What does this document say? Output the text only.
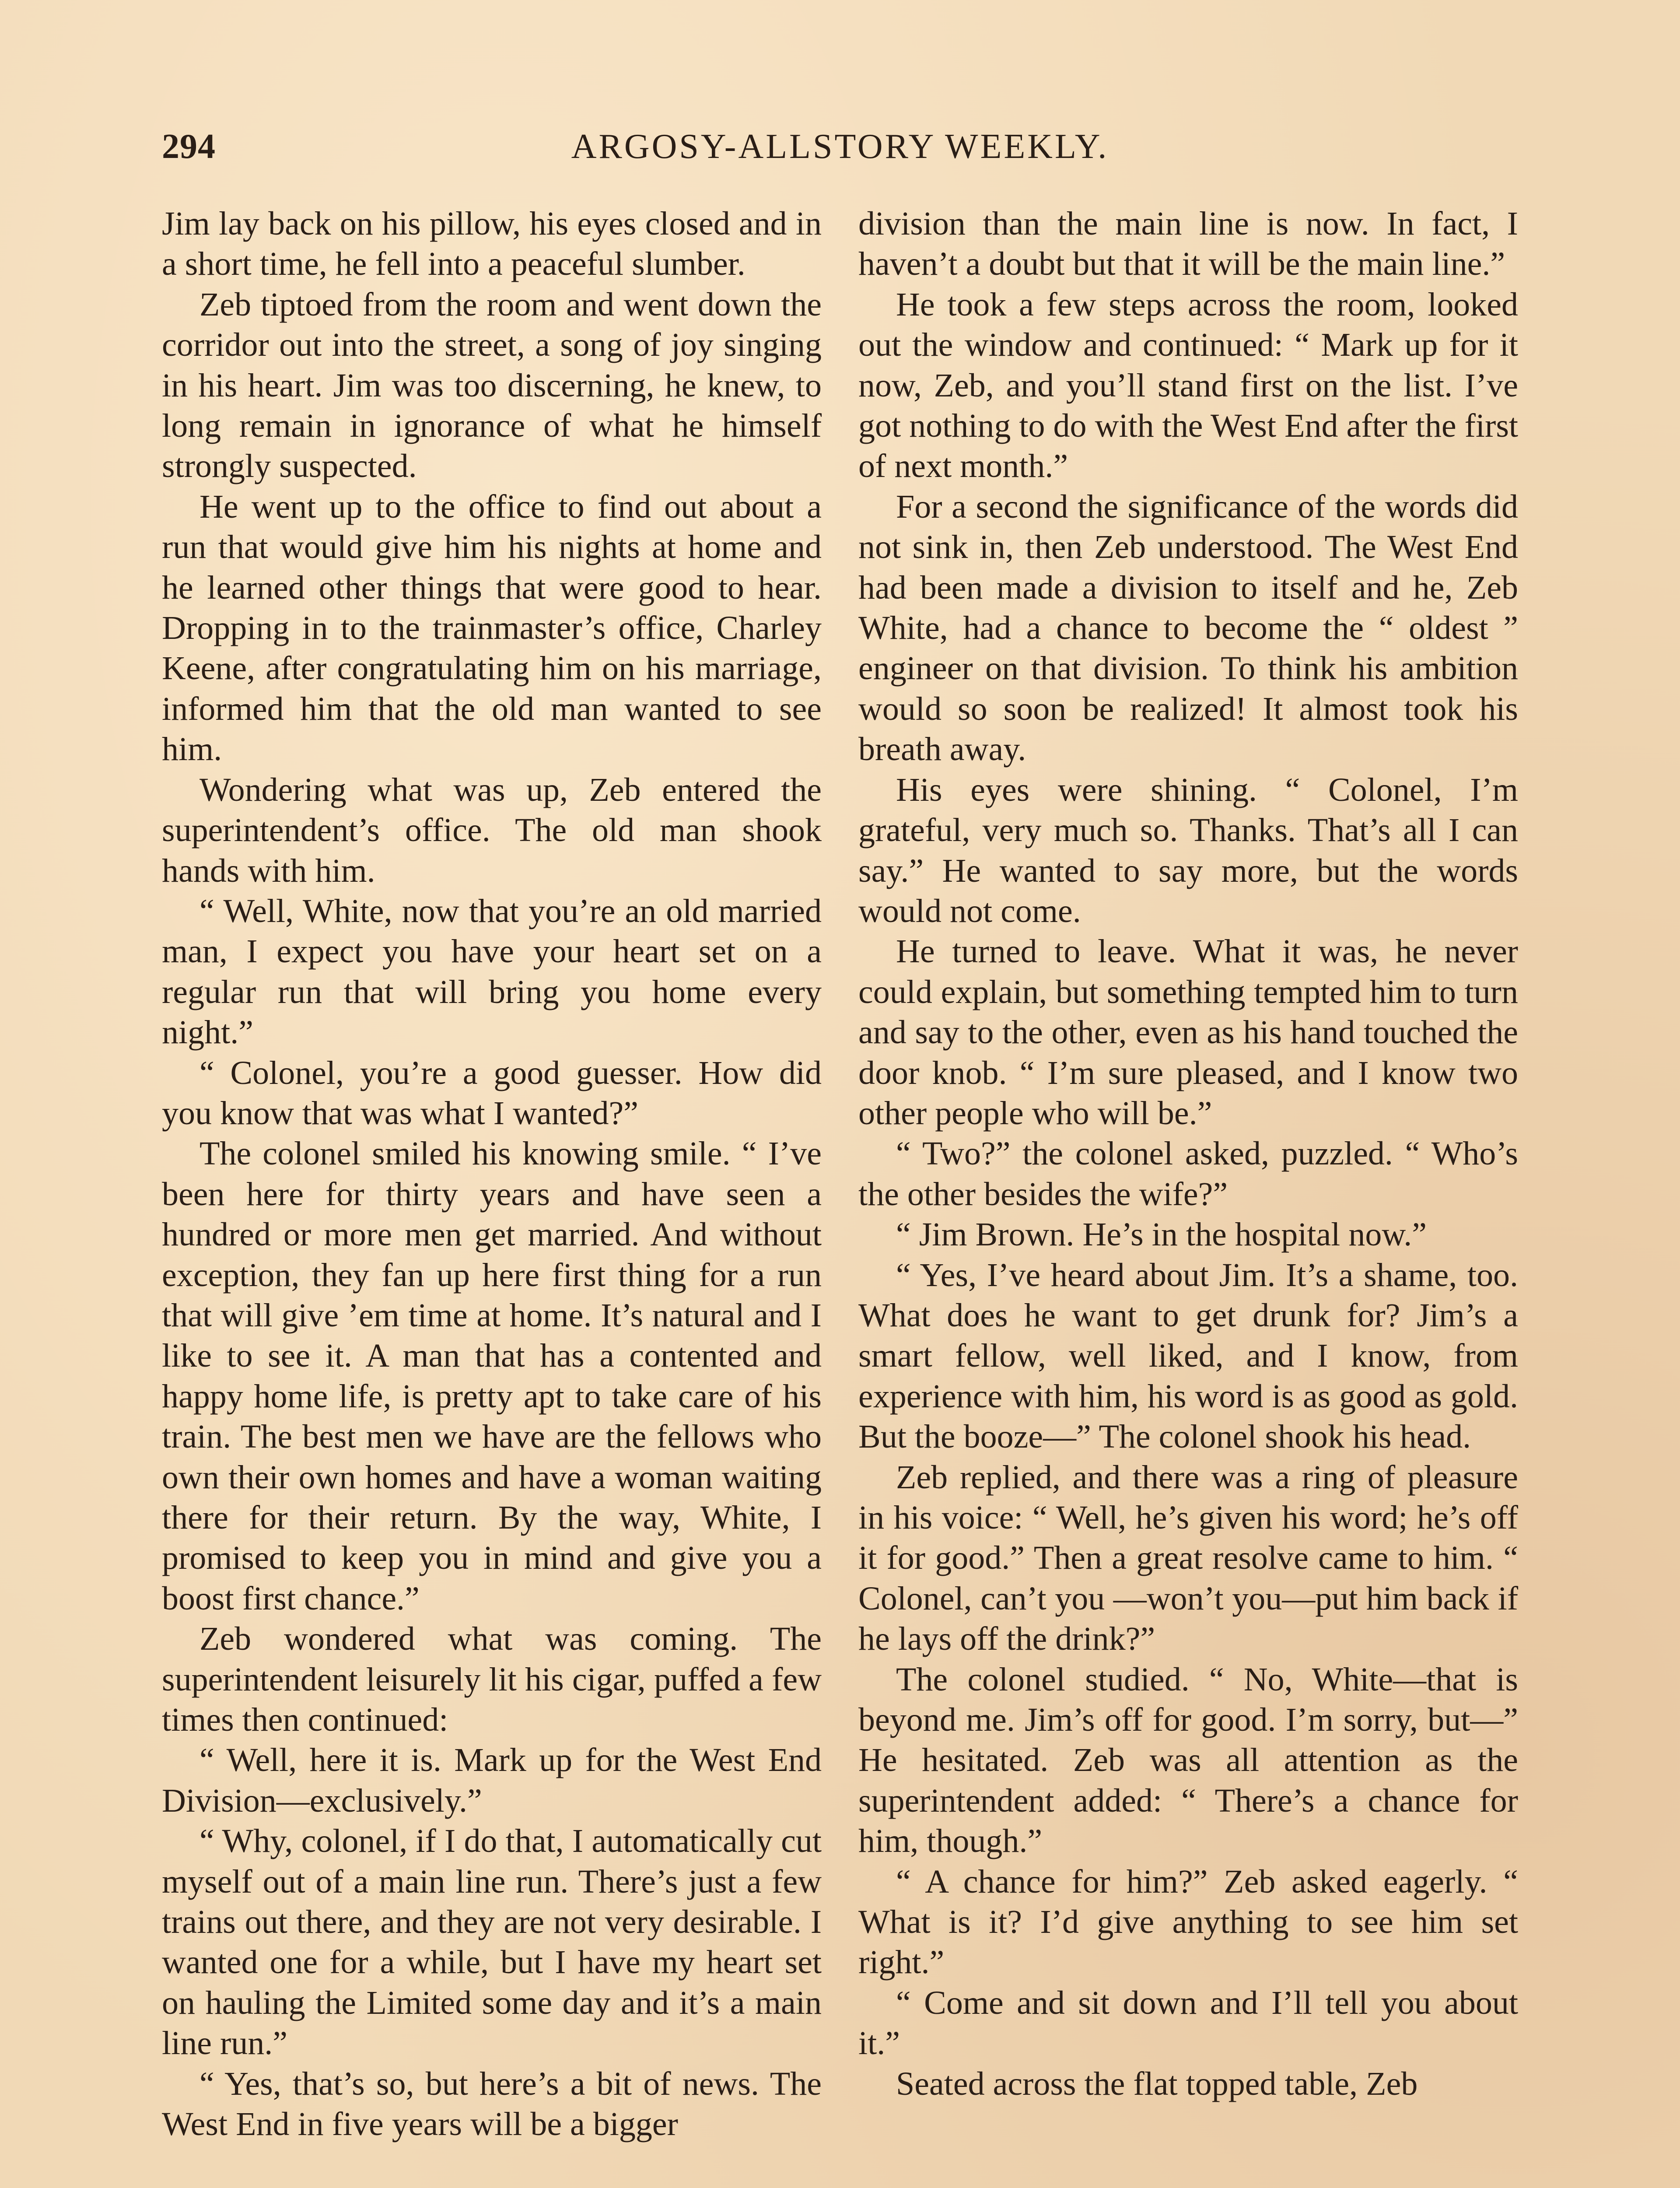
294	ARGOSY-ALLSTORY WEEKLY.

Jim lay back on his pillow, his eyes closed and in a short time, he fell into a peaceful slumber.

Zeb tiptoed from the room and went down the corridor out into the street, a song of joy singing in his heart. Jim was too discerning, he knew, to long remain in ignorance of what he himself strongly suspected.

He went up to the office to find out about a run that would give him his nights at home and he learned other things that were good to hear. Dropping in to the trainmaster’s office, Charley Keene, after congratulating him on his marriage, informed him that the old man wanted to see him.

Wondering what was up, Zeb entered the superintendent’s office. The old man shook hands with him.

“ Well, White, now that you’re an old married man, I expect you have your heart set on a regular run that will bring you home every night.”

“ Colonel, you’re a good guesser. How did you know that was what I wanted?”

The colonel smiled his knowing smile. “ I’ve been here for thirty years and have seen a hundred or more men get married. And without exception, they fan up here first thing for a run that will give ’em time at home. It’s natural and I like to see it. A man that has a contented and happy home life, is pretty apt to take care of his train. The best men we have are the fellows who own their own homes and have a woman waiting there for their return. By the way, White, I promised to keep you in mind and give you a boost first chance.”

Zeb wondered what was coming. The superintendent leisurely lit his cigar, puffed a few times then continued:

“ Well, here it is. Mark up for the West End Division—exclusively.”

“ Why, colonel, if I do that, I automatically cut myself out of a main line run. There’s just a few trains out there, and they are not very desirable. I wanted one for a while, but I have my heart set on hauling the Limited some day and it’s a main line run.”

“ Yes, that’s so, but here’s a bit of news. The West End in five years will be a bigger

division than the main line is now. In fact, I haven’t a doubt but that it will be the main line.”

He took a few steps across the room, looked out the window and continued: “ Mark up for it now, Zeb, and you’ll stand first on the list. I’ve got nothing to do with the West End after the first of next month.”

For a second the significance of the words did not sink in, then Zeb understood. The West End had been made a division to itself and he, Zeb White, had a chance to become the “ oldest ” engineer on that division. To think his ambition would so soon be realized! It almost took his breath away.

His eyes were shining. “ Colonel, I’m grateful, very much so. Thanks. That’s all I can say.” He wanted to say more, but the words would not come.

He turned to leave. What it was, he never could explain, but something tempted him to turn and say to the other, even as his hand touched the door knob. “ I’m sure pleased, and I know two other people who will be.”

“ Two?” the colonel asked, puzzled. “ Who’s the other besides the wife?”

“ Jim Brown. He’s in the hospital now.”

“ Yes, I’ve heard about Jim. It’s a shame, too. What does he want to get drunk for? Jim’s a smart fellow, well liked, and I know, from experience with him, his word is as good as gold. But the booze—” The colonel shook his head.

Zeb replied, and there was a ring of pleasure in his voice: “ Well, he’s given his word; he’s off it for good.” Then a great resolve came to him. “ Colonel, can’t you —won’t you—put him back if he lays off the drink?”

The colonel studied. “ No, White—that is beyond me. Jim’s off for good. I’m sorry, but—” He hesitated. Zeb was all attention as the superintendent added: “ There’s a chance for him, though.”

“ A chance for him?” Zeb asked eagerly. “ What is it? I’d give anything to see him set right.”

“ Come and sit down and I’ll tell you about it.”

Seated across the flat topped table, Zeb
